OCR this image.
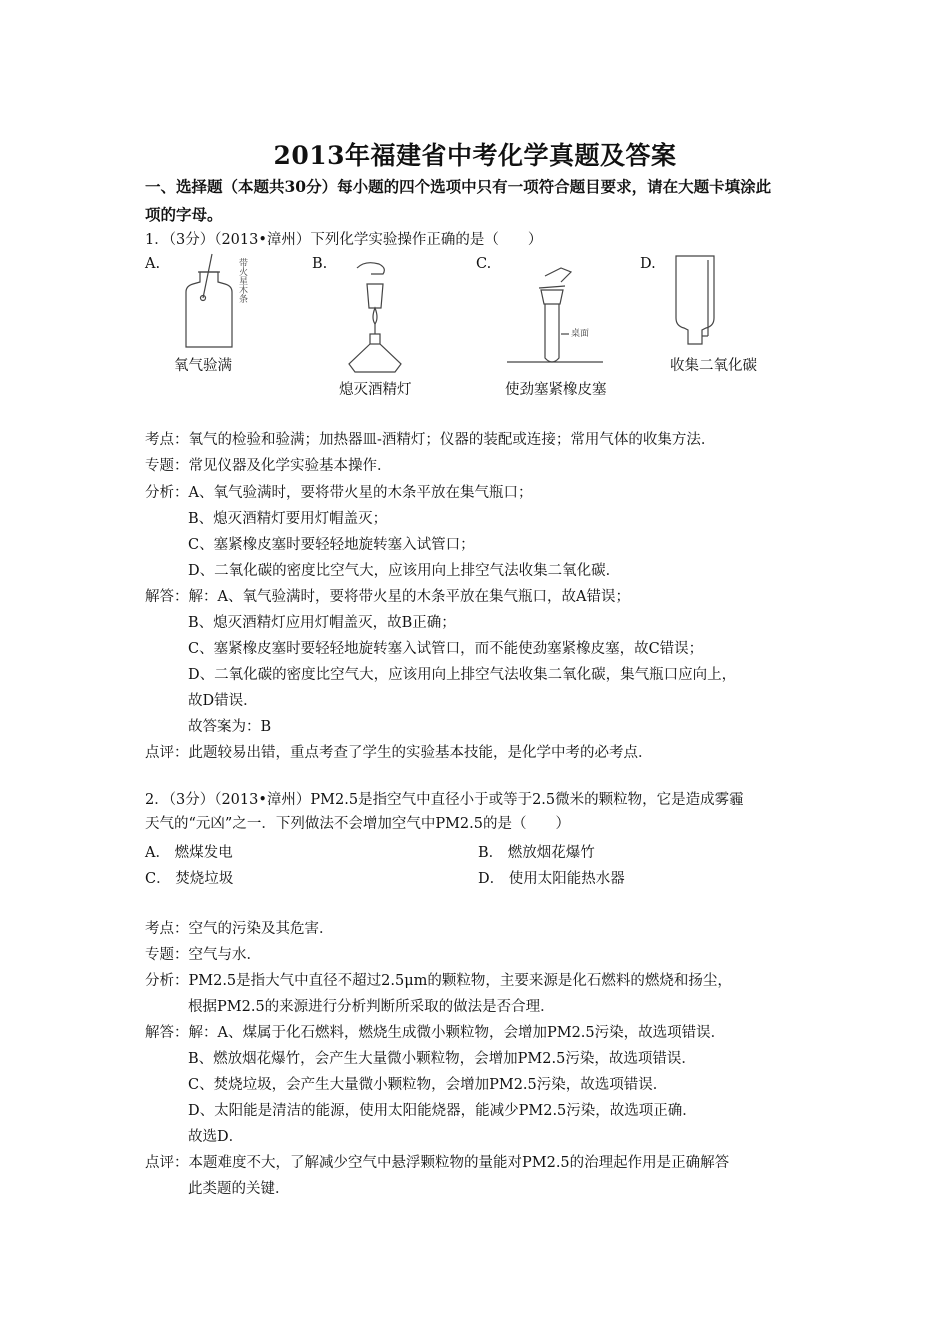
2013年福建省中考化学真题及答案
一、选择题（本题共30分）每小题的四个选项中只有一项符合题目要求，请在大题卡填涂此
项的字母。
1．（3分）（2013•漳州）下列化学实验操作正确的是（　　）
A.	B.	C.	D.
带火星木条
氧气验满
熄灭酒精灯
桌面
使劲塞紧橡皮塞
收集二氧化碳
考点：氧气的检验和验满；加热器皿-酒精灯；仪器的装配或连接；常用气体的收集方法．
专题：常见仪器及化学实验基本操作．
分析：A、氧气验满时，要将带火星的木条平放在集气瓶口；
B、熄灭酒精灯要用灯帽盖灭；
C、塞紧橡皮塞时要轻轻地旋转塞入试管口；
D、二氧化碳的密度比空气大，应该用向上排空气法收集二氧化碳．
解答：解：A、氧气验满时，要将带火星的木条平放在集气瓶口，故A错误；
B、熄灭酒精灯应用灯帽盖灭，故B正确；
C、塞紧橡皮塞时要轻轻地旋转塞入试管口，而不能使劲塞紧橡皮塞，故C错误；
D、二氧化碳的密度比空气大，应该用向上排空气法收集二氧化碳，集气瓶口应向上，
故D错误．
故答案为：B
点评：此题较易出错，重点考查了学生的实验基本技能，是化学中考的必考点．
2．（3分）（2013•漳州）PM2.5是指空气中直径小于或等于2.5微米的颗粒物，它是造成雾霾
天气的“元凶”之一．下列做法不会增加空气中PM2.5的是（　　）
A． 燃煤发电	B． 燃放烟花爆竹
C． 焚烧垃圾	D． 使用太阳能热水器
考点：空气的污染及其危害．
专题：空气与水．
分析：PM2.5是指大气中直径不超过2.5μm的颗粒物，主要来源是化石燃料的燃烧和扬尘，
根据PM2.5的来源进行分析判断所采取的做法是否合理．
解答：解：A、煤属于化石燃料，燃烧生成微小颗粒物，会增加PM2.5污染，故选项错误．
B、燃放烟花爆竹，会产生大量微小颗粒物，会增加PM2.5污染，故选项错误．
C、焚烧垃圾，会产生大量微小颗粒物，会增加PM2.5污染，故选项错误．
D、太阳能是清洁的能源，使用太阳能烧器，能减少PM2.5污染，故选项正确．
故选D．
点评：本题难度不大，了解减少空气中悬浮颗粒物的量能对PM2.5的治理起作用是正确解答
此类题的关键．
